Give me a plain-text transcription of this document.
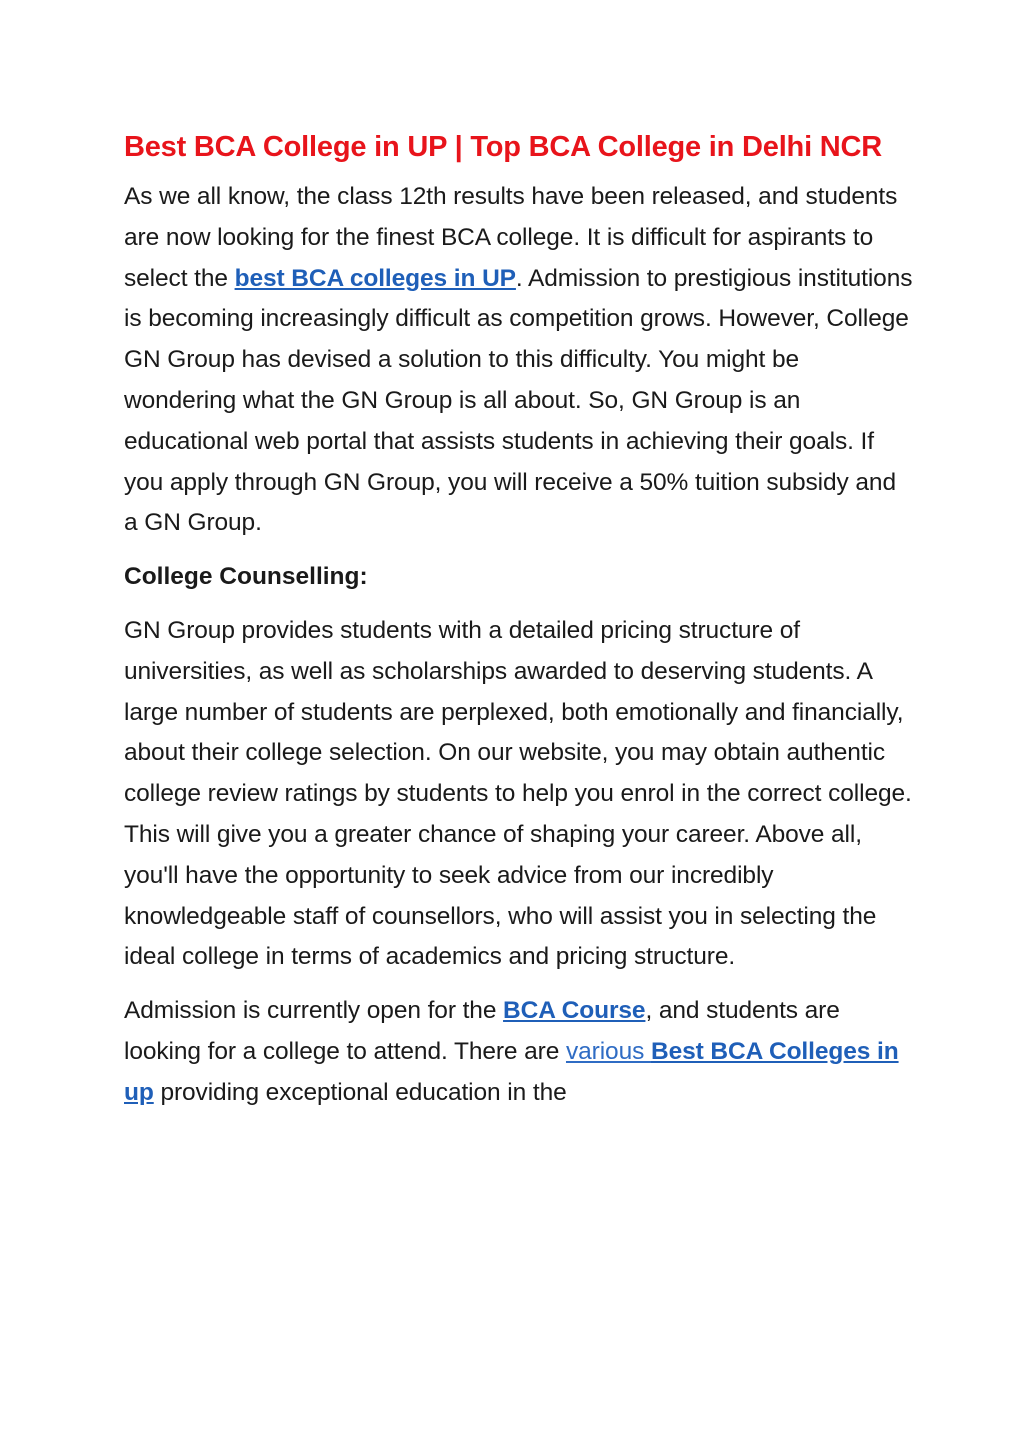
Best BCA College in UP | Top BCA College in Delhi NCR

As we all know, the class 12th results have been released, and students are now looking for the finest BCA college. It is difficult for aspirants to select the best BCA colleges in UP. Admission to prestigious institutions is becoming increasingly difficult as competition grows. However, College GN Group has devised a solution to this difficulty. You might be wondering what the GN Group is all about. So, GN Group is an educational web portal that assists students in achieving their goals. If you apply through GN Group, you will receive a 50% tuition subsidy and a GN Group.

College Counselling:

GN Group provides students with a detailed pricing structure of universities, as well as scholarships awarded to deserving students. A large number of students are perplexed, both emotionally and financially, about their college selection. On our website, you may obtain authentic college review ratings by students to help you enrol in the correct college. This will give you a greater chance of shaping your career. Above all, you'll have the opportunity to seek advice from our incredibly knowledgeable staff of counsellors, who will assist you in selecting the ideal college in terms of academics and pricing structure.

Admission is currently open for the BCA Course, and students are looking for a college to attend. There are various Best BCA Colleges in up providing exceptional education in the
